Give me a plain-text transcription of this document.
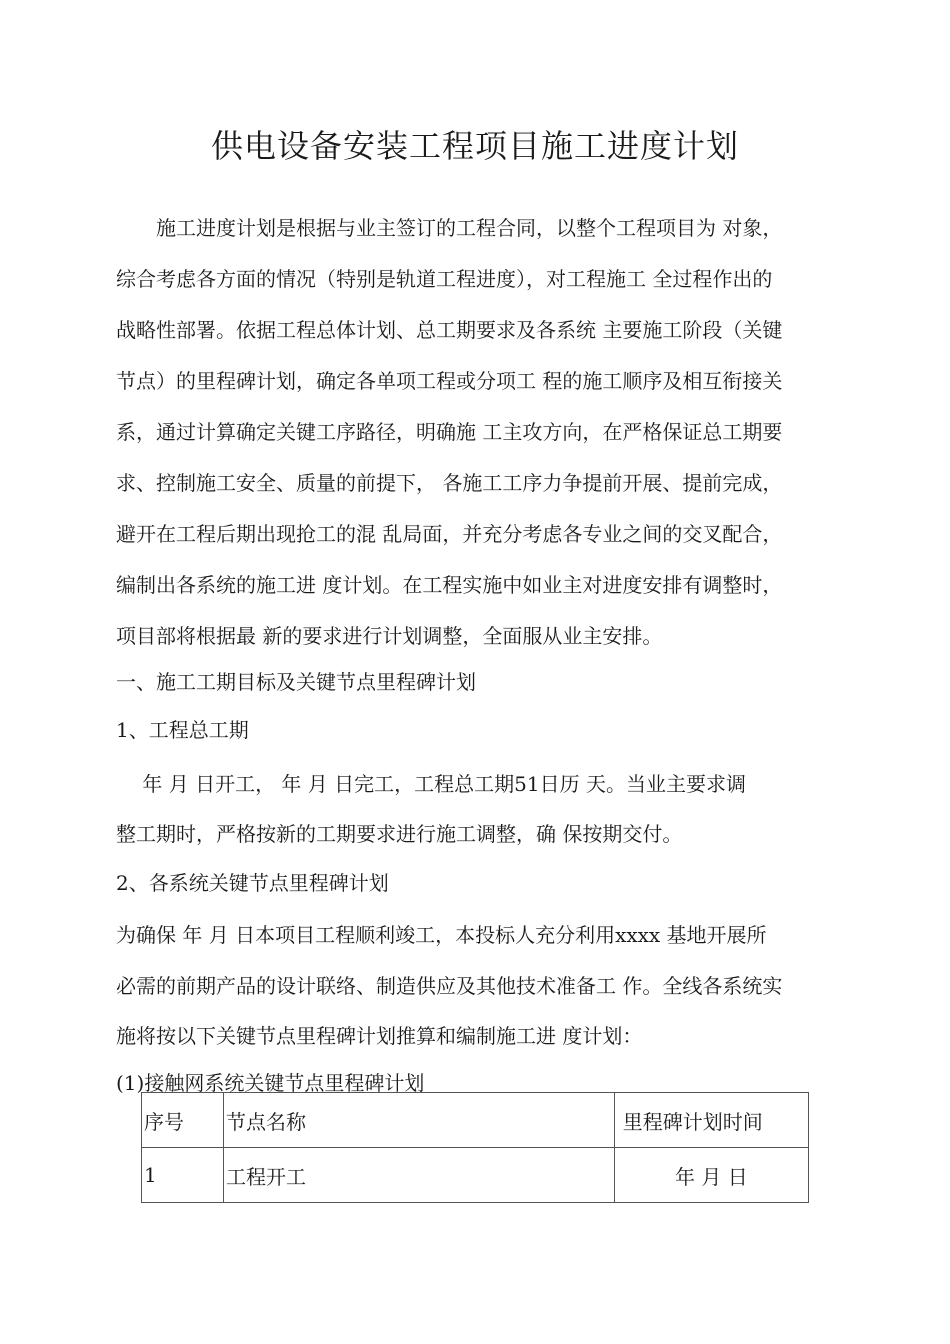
供电设备安装工程项目施工进度计划
　　施工进度计划是根据与业主签订的工程合同，以整个工程项目为 对象，
综合考虑各方面的情况（特别是轨道工程进度），对工程施工 全过程作出的
战略性部署。依据工程总体计划、总工期要求及各系统 主要施工阶段（关键
节点）的里程碑计划，确定各单项工程或分项工 程的施工顺序及相互衔接关
系，通过计算确定关键工序路径，明确施 工主攻方向，在严格保证总工期要
求、控制施工安全、质量的前提下， 各施工工序力争提前开展、提前完成，
避开在工程后期出现抢工的混 乱局面，并充分考虑各专业之间的交叉配合，
编制出各系统的施工进 度计划。在工程实施中如业主对进度安排有调整时，
项目部将根据最 新的要求进行计划调整，全面服从业主安排。
一、施工工期目标及关键节点里程碑计划
1、工程总工期
　 年 月 日开工， 年 月 日完工，工程总工期51日历 天。当业主要求调
整工期时，严格按新的工期要求进行施工调整，确 保按期交付。
2、各系统关键节点里程碑计划
为确保 年 月 日本项目工程顺利竣工，本投标人充分利用xxxx 基地开展所
必需的前期产品的设计联络、制造供应及其他技术准备工 作。全线各系统实
施将按以下关键节点里程碑计划推算和编制施工进 度计划：
(1)接触网系统关键节点里程碑计划
序号	节点名称	里程碑计划时间
1	工程开工	年 月 日
